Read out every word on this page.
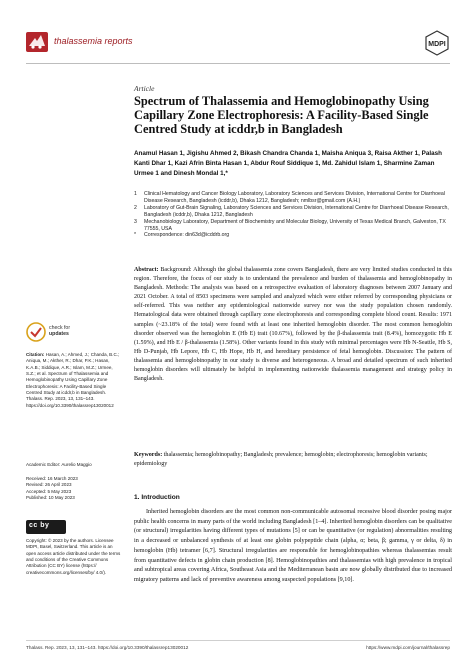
thalassemia reports	MDPI
Article
Spectrum of Thalassemia and Hemoglobinopathy Using Capillary Zone Electrophoresis: A Facility-Based Single Centred Study at icddr,b in Bangladesh
Anamul Hasan 1, Jigishu Ahmed 2, Bikash Chandra Chanda 1, Maisha Aniqua 3, Raisa Akther 1, Palash Kanti Dhar 1, Kazi Afrin Binta Hasan 1, Abdur Rouf Siddique 1, Md. Zahidul Islam 1, Sharmine Zaman Urmee 1 and Dinesh Mondal 1,*
1	Clinical Hematology and Cancer Biology Laboratory, Laboratory Sciences and Services Division, International Centre for Diarrhoeal Disease Research, Bangladesh (icddr,b), Dhaka 1212, Bangladesh; nmlbsr@gmail.com (A.H.)
2	Laboratory of Gut-Brain Signaling, Laboratory Sciences and Services Division, International Centre for Diarrhoeal Disease Research, Bangladesh (icddr,b), Dhaka 1212, Bangladesh
3	Mechanobiology Laboratory, Department of Biochemistry and Molecular Biology, University of Texas Medical Branch, Galveston, TX 77555, USA
*	Correspondence: din63d@icddrb.org
Abstract: Background: Although the global thalassemia zone covers Bangladesh, there are very limited studies conducted in this region. Therefore, the focus of our study is to understand the prevalence and burden of thalassemia and hemoglobinopathy in Bangladesh. Methods: The analysis was based on a retrospective evaluation of laboratory diagnoses between 2007 January and 2021 October. A total of 8503 specimens were sampled and analyzed which were either referred by corresponding physicians or self-referred. This was neither any epidemiological nationwide survey nor was the study population chosen randomly. Hematological data were obtained through capillary zone electrophoresis and corresponding complete blood count. Results: 1971 samples (~23.18% of the total) were found with at least one inherited hemoglobin disorder. The most common hemoglobin disorder observed was the hemoglobin E (Hb E) trait (10.67%), followed by the β-thalassemia trait (8.4%), homozygotic Hb E (1.59%), and Hb E / β-thalassemia (1.58%). Other variants found in this study with minimal percentages were Hb N-Seattle, Hb S, Hb D-Punjab, Hb Lepore, Hb C, Hb Hope, Hb H, and hereditary persistence of fetal hemoglobin. Discussion: The pattern of thalassemia and hemoglobinopathy in our study is diverse and heterogeneous. A broad and detailed spectrum of such inherited hemoglobin disorders will ultimately be helpful in implementing nationwide thalassemia management and strategy policy in Bangladesh.
Keywords: thalassemia; hemoglobinopathy; Bangladesh; prevalence; hemoglobin; electrophoresis; hemoglobin variants; epidemiology
check for
updates
Citation: Hasan, A.; Ahmed, J.; Chanda, B.C.; Aniqua, M.; Akther, R.; Dhar, P.K.; Hasan, K.A.B.; Siddique, A.R.; Islam, M.Z.; Urmee, S.Z.; et al. Spectrum of Thalassemia and Hemoglobinopathy Using Capillary Zone Electrophoresis: A Facility-Based Single Centred Study at icddr,b in Bangladesh. Thalass. Rep. 2023, 13, 131–143. https://doi.org/10.3390/thalassrep13020012
Academic Editor: Aurelio Maggio
Received: 16 March 2023
Revised: 26 April 2023
Accepted: 5 May 2023
Published: 10 May 2023
cc by
Copyright: © 2023 by the authors. Licensee MDPI, Basel, Switzerland. This article is an open access article distributed under the terms and conditions of the Creative Commons Attribution (CC BY) license (https:// creativecommons.org/licenses/by/ 4.0/).
1. Introduction
Inherited hemoglobin disorders are the most common non-communicable autosomal recessive blood disorder posing major public health concerns in many parts of the world including Bangladesh [1–4]. Inherited hemoglobin disorders can be qualitative (or structural) irregularities having different types of mutations [5] or can be quantitative (or regulation) abnormalities resulting in a decreased or unbalanced synthesis of at least one globin polypeptide chain (alpha, α; beta, β; gamma, γ or delta, δ) in hemoglobin (Hb) tetramer [6,7]. Structural irregularities are responsible for hemoglobinopathies whereas thalassemias result from quantitative defects in globin chain production [8]. Hemoglobinopathies and thalassemias with high prevalence in tropical and subtropical areas covering Africa, Southeast Asia and the Mediterranean basin are now globally distributed due to increased migratory patterns and lack of preventive awareness among suspected populations [9,10].
Thalass. Rep. 2023, 13, 131–143. https://doi.org/10.3390/thalassrep13020012	https://www.mdpi.com/journal/thalassrep
